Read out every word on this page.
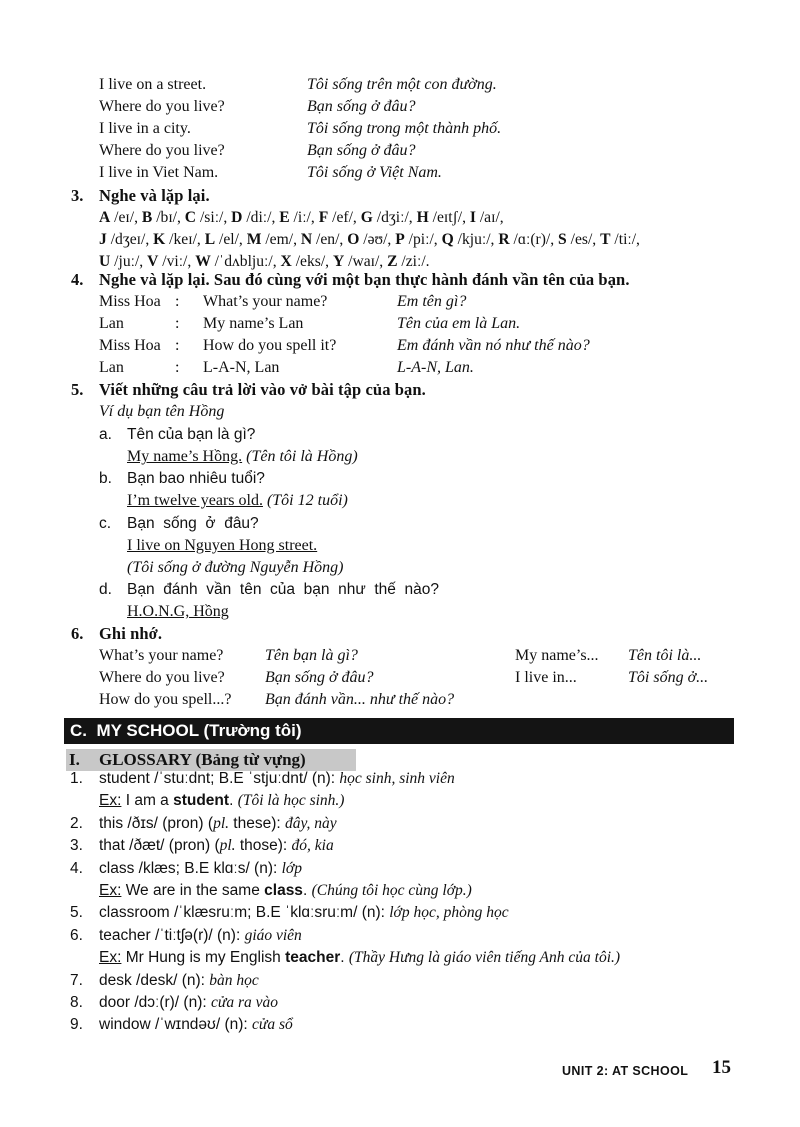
I live on a street.	Tôi sống trên một con đường.
Where do you live?	Bạn sống ở đâu?
I live in a city.	Tôi sống trong một thành phố.
Where do you live?	Bạn sống ở đâu?
I live in Viet Nam.	Tôi sống ở Việt Nam.
3. Nghe và lặp lại.
A /eɪ/, B /bɪ/, C /siː/, D /diː/, E /iː/, F /ef/, G /dʒiː/, H /eɪtʃ/, I /aɪ/,
J /dʒeɪ/, K /keɪ/, L /el/, M /em/, N /en/, O /əʊ/, P /piː/, Q /kjuː/, R /ɑː(r)/, S /es/, T /tiː/,
U /juː/, V /viː/, W /ˈdʌbljuː/, X /eks/, Y /waɪ/, Z /ziː/.
4. Nghe và lặp lại. Sau đó cùng với một bạn thực hành đánh vần tên của bạn.
Miss Hoa : What’s your name?	Em tên gì?
Lan	: My name’s Lan	Tên của em là Lan.
Miss Hoa : How do you spell it?	Em đánh vần nó như thế nào?
Lan	: L-A-N, Lan	L-A-N, Lan.
5. Viết những câu trả lời vào vở bài tập của bạn.
Ví dụ bạn tên Hồng
a. Tên của bạn là gì?
My name’s Hồng. (Tên tôi là Hồng)
b. Bạn bao nhiêu tuổi?
I’m twelve years old. (Tôi 12 tuổi)
c. Bạn  sống  ở  đâu?
I live on Nguyen Hong street.
(Tôi sống ở đường Nguyễn Hồng)
d. Bạn  đánh  vần  tên  của  bạn  như  thế  nào?
H.O.N.G, Hồng
6. Ghi nhớ.
What’s your name?	Tên bạn là gì?	My name’s... Tên tôi là...
Where do you live?	Bạn sống ở đâu?	I live in...	Tôi sống ở...
How do you spell...? Bạn đánh vần... như thế nào?
C.  MY SCHOOL (Trường tôi)
I. GLOSSARY (Bảng từ vựng)
1. student /ˈstuːdnt; B.E ˈstjuːdnt/ (n): học sinh, sinh viên
Ex: I am a student. (Tôi là học sinh.)
2. this /ðɪs/ (pron) (pl. these): đây, này
3. that /ðæt/ (pron) (pl. those): đó, kia
4. class /klæs; B.E klɑːs/ (n): lớp
Ex: We are in the same class. (Chúng tôi học cùng lớp.)
5. classroom /ˈklæsruːm; B.E ˈklɑːsruːm/ (n): lớp học, phòng học
6. teacher /ˈtiːtʃə(r)/ (n): giáo viên
Ex: Mr Hung is my English teacher. (Thầy Hưng là giáo viên tiếng Anh của tôi.)
7. desk /desk/ (n): bàn học
8. door /dɔː(r)/ (n): cửa ra vào
9. window /ˈwɪndəʊ/ (n): cửa sổ
UNIT 2: AT SCHOOL 15
